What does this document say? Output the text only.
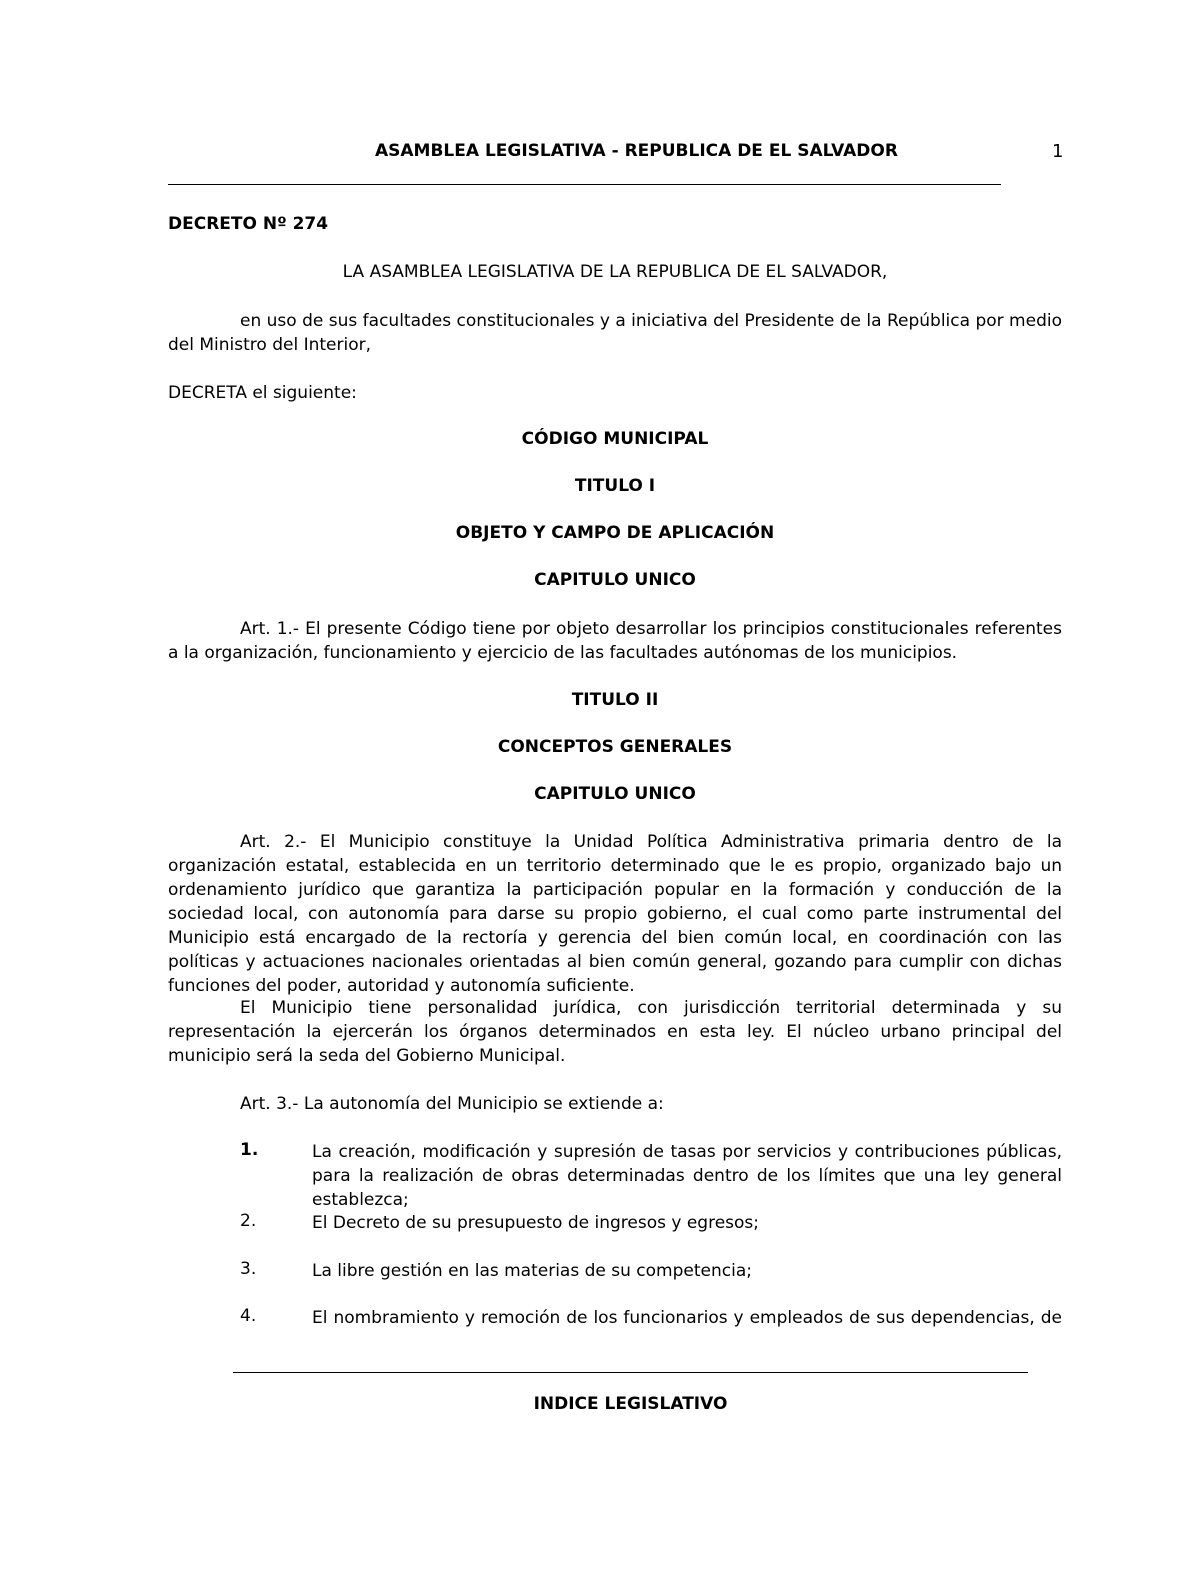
ASAMBLEA LEGISLATIVA - REPUBLICA DE EL SALVADOR	1
DECRETO Nº 274
LA ASAMBLEA LEGISLATIVA DE LA REPUBLICA DE EL SALVADOR,
en uso de sus facultades constitucionales y a iniciativa del Presidente de la República por medio del Ministro del Interior,
DECRETA el siguiente:
CÓDIGO MUNICIPAL
TITULO I
OBJETO Y CAMPO DE APLICACIÓN
CAPITULO UNICO
Art. 1.- El presente Código tiene por objeto desarrollar los principios constitucionales referentes a la organización, funcionamiento y ejercicio de las facultades autónomas de los municipios.
TITULO II
CONCEPTOS GENERALES
CAPITULO UNICO
Art. 2.- El Municipio constituye la Unidad Política Administrativa primaria dentro de la organización estatal, establecida en un territorio determinado que le es propio, organizado bajo un ordenamiento jurídico que garantiza la participación popular en la formación y conducción de la sociedad local, con autonomía para darse su propio gobierno, el cual como parte instrumental del Municipio está encargado de la rectoría y gerencia del bien común local, en coordinación con las políticas y actuaciones nacionales orientadas al bien común general, gozando para cumplir con dichas funciones del poder, autoridad y autonomía suficiente.
El Municipio tiene personalidad jurídica, con jurisdicción territorial determinada y su representación la ejercerán los órganos determinados en esta ley. El núcleo urbano principal del municipio será la seda del Gobierno Municipal.
Art. 3.- La autonomía del Municipio se extiende a:
1.	La creación, modificación y supresión de tasas por servicios y contribuciones públicas, para la realización de obras determinadas dentro de los límites que una ley general establezca;
2.	El Decreto de su presupuesto de ingresos y egresos;
3.	La libre gestión en las materias de su competencia;
4.	El nombramiento y remoción de los funcionarios y empleados de sus dependencias, de
INDICE LEGISLATIVO
